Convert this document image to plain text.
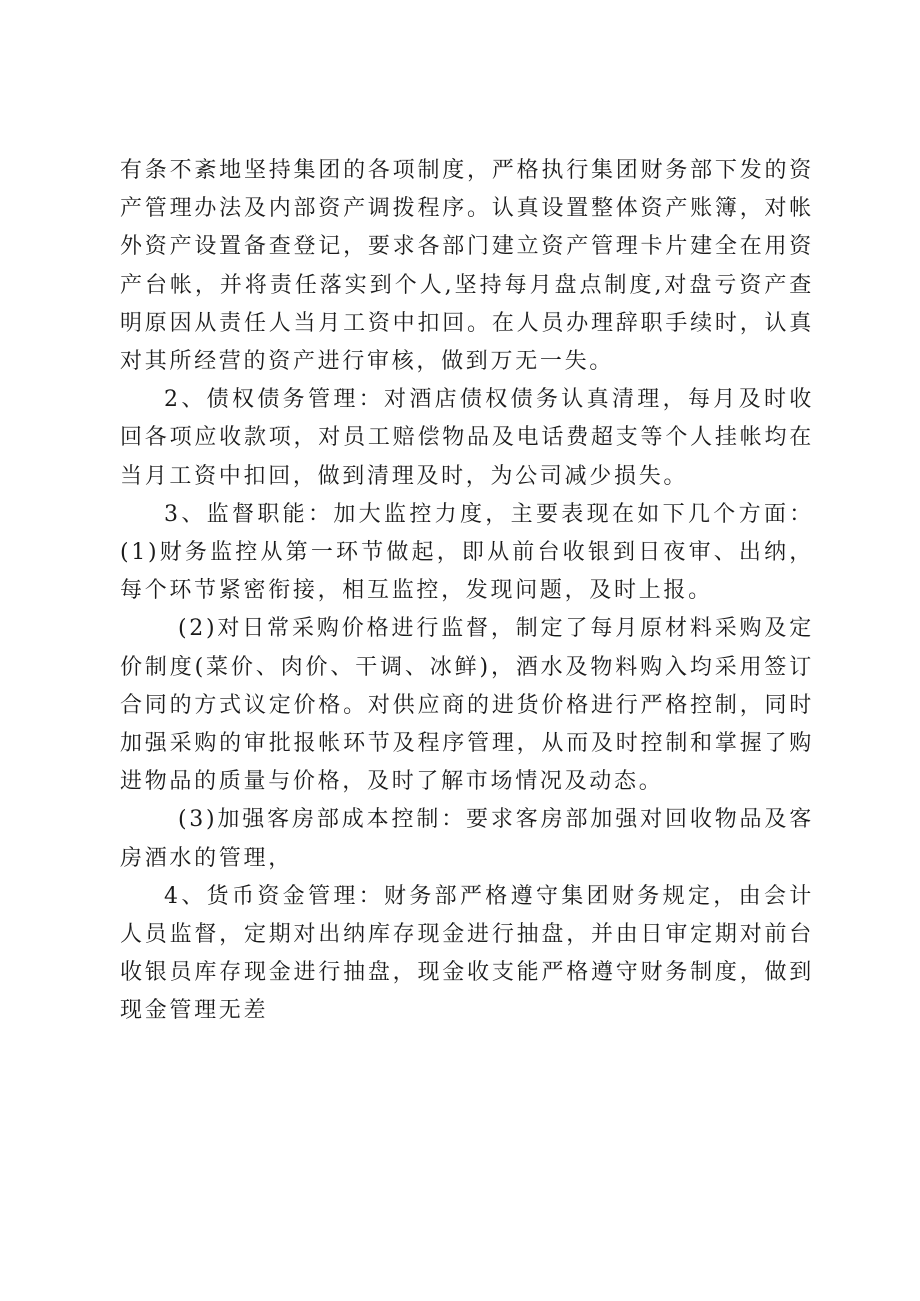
有条不紊地坚持集团的各项制度，严格执行集团财务部下发的资产管理办法及内部资产调拨程序。认真设置整体资产账簿，对帐外资产设置备查登记，要求各部门建立资产管理卡片建全在用资产台帐，并将责任落实到个人,坚持每月盘点制度,对盘亏资产查明原因从责任人当月工资中扣回。在人员办理辞职手续时，认真对其所经营的资产进行审核，做到万无一失。

2、债权债务管理：对酒店债权债务认真清理，每月及时收回各项应收款项，对员工赔偿物品及电话费超支等个人挂帐均在当月工资中扣回，做到清理及时，为公司减少损失。

3、监督职能：加大监控力度，主要表现在如下几个方面：(1)财务监控从第一环节做起，即从前台收银到日夜审、出纳，每个环节紧密衔接，相互监控，发现问题，及时上报。

(2)对日常采购价格进行监督，制定了每月原材料采购及定价制度(菜价、肉价、干调、冰鲜)，酒水及物料购入均采用签订合同的方式议定价格。对供应商的进货价格进行严格控制，同时加强采购的审批报帐环节及程序管理，从而及时控制和掌握了购进物品的质量与价格，及时了解市场情况及动态。

(3)加强客房部成本控制：要求客房部加强对回收物品及客房酒水的管理，

4、货币资金管理：财务部严格遵守集团财务规定，由会计人员监督，定期对出纳库存现金进行抽盘，并由日审定期对前台收银员库存现金进行抽盘，现金收支能严格遵守财务制度，做到现金管理无差
